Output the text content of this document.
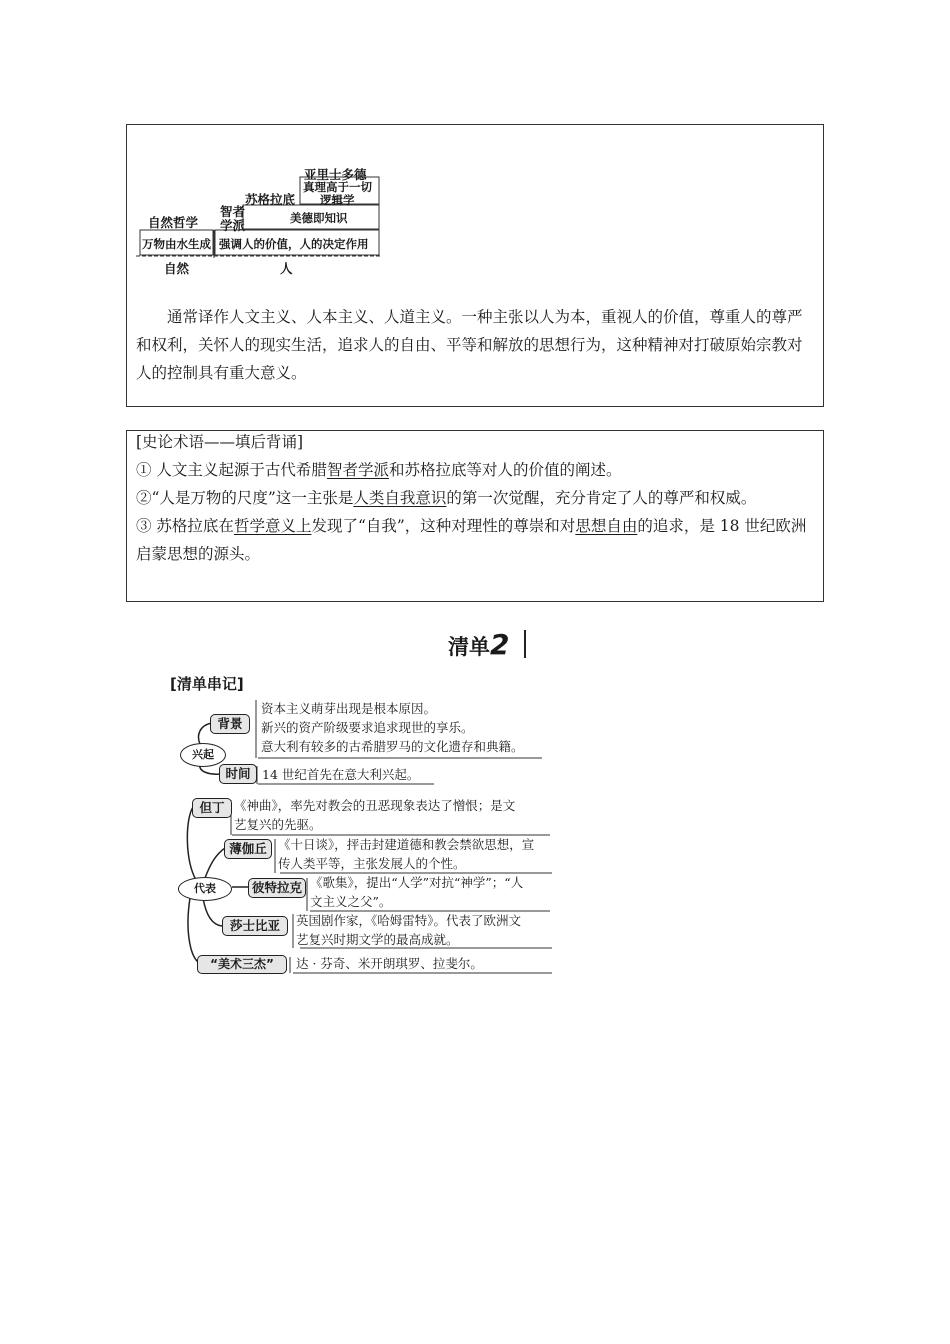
亚里士多德
真理高于一切
逻辑学
苏格拉底
美德即知识
智者
学派
强调人的价值，人的决定作用
自然哲学
万物由水生成
自然	人
通常译作人文主义、人本主义、人道主义。一种主张以人为本，重视人的价值，尊重人的尊严和权利，关怀人的现实生活，追求人的自由、平等和解放的思想行为，这种精神对打破原始宗教对人的控制具有重大意义。
[史论术语——填后背诵]
① 人文主义起源于古代希腊智者学派和苏格拉底等对人的价值的阐述。
②“人是万物的尺度”这一主张是人类自我意识的第一次觉醒，充分肯定了人的尊严和权威。
③ 苏格拉底在哲学意义上发现了“自我”，这种对理性的尊崇和对思想自由的追求，是 18 世纪欧洲启蒙思想的源头。
清单2
[清单串记]
兴起
背景
资本主义萌芽出现是根本原因。
新兴的资产阶级要求追求现世的享乐。
意大利有较多的古希腊罗马的文化遗存和典籍。
时间 14 世纪首先在意大利兴起。
代表
但丁 《神曲》，率先对教会的丑恶现象表达了憎恨；是文
艺复兴的先驱。
薄伽丘 《十日谈》，抨击封建道德和教会禁欲思想，宣
传人类平等，主张发展人的个性。
彼特拉克 《歌集》，提出“人学”对抗“神学”；“人
文主义之父”。
莎士比亚	英国剧作家，《哈姆雷特》。代表了欧洲文
艺复兴时期文学的最高成就。
“美术三杰”	达 · 芬奇、米开朗琪罗、拉斐尔。
